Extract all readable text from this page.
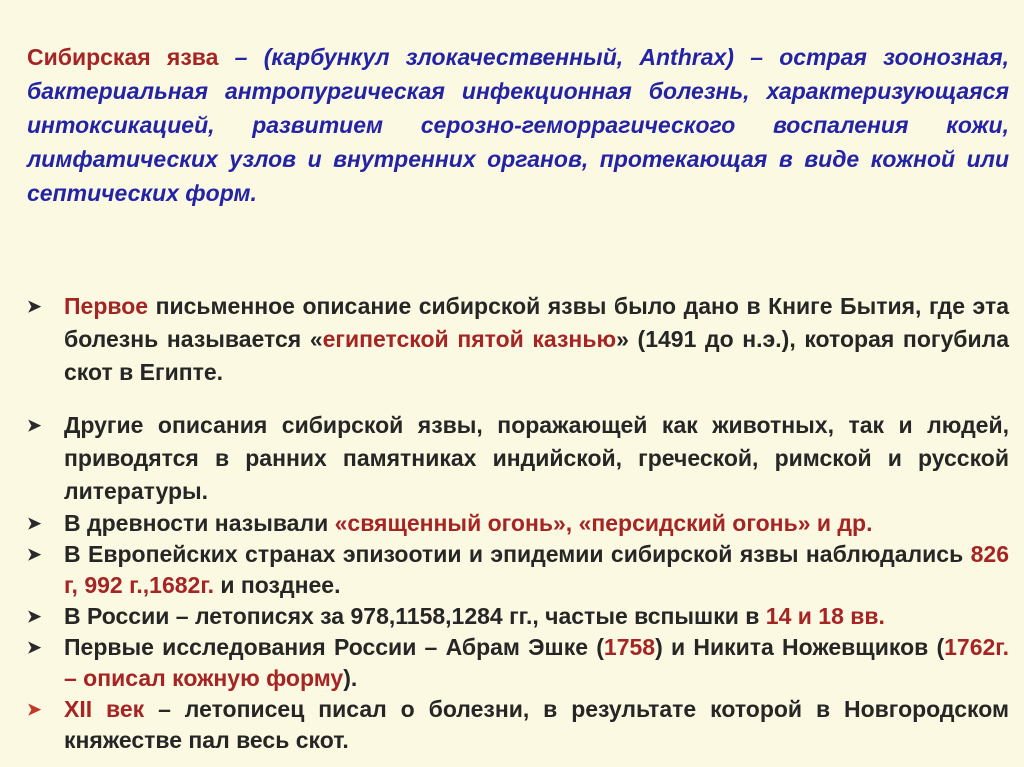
Сибирская язва – (карбункул злокачественный, Anthrax) – острая зоонозная, бактериальная антропургическая инфекционная болезнь, характеризующаяся интоксикацией, развитием серозно-геморрагического воспаления кожи, лимфатических узлов и внутренних органов, протекающая в виде кожной или септических форм.

➤ Первое письменное описание сибирской язвы было дано в Книге Бытия, где эта болезнь называется «египетской пятой казнью» (1491 до н.э.), которая погубила скот в Египте.
➤ Другие описания сибирской язвы, поражающей как животных, так и людей, приводятся в ранних памятниках индийской, греческой, римской и русской литературы.
➤ В древности называли «священный огонь», «персидский огонь» и др.
➤ В Европейских странах эпизоотии и эпидемии сибирской язвы наблюдались 826 г, 992 г.,1682г. и позднее.
➤ В России – летописях за 978,1158,1284 гг., частые вспышки в 14 и 18 вв.
➤ Первые исследования России – Абрам Эшке (1758) и Никита Ножевщиков (1762г. – описал кожную форму).
➤ XII век – летописец писал о болезни, в результате которой в Новгородском княжестве пал весь скот.
